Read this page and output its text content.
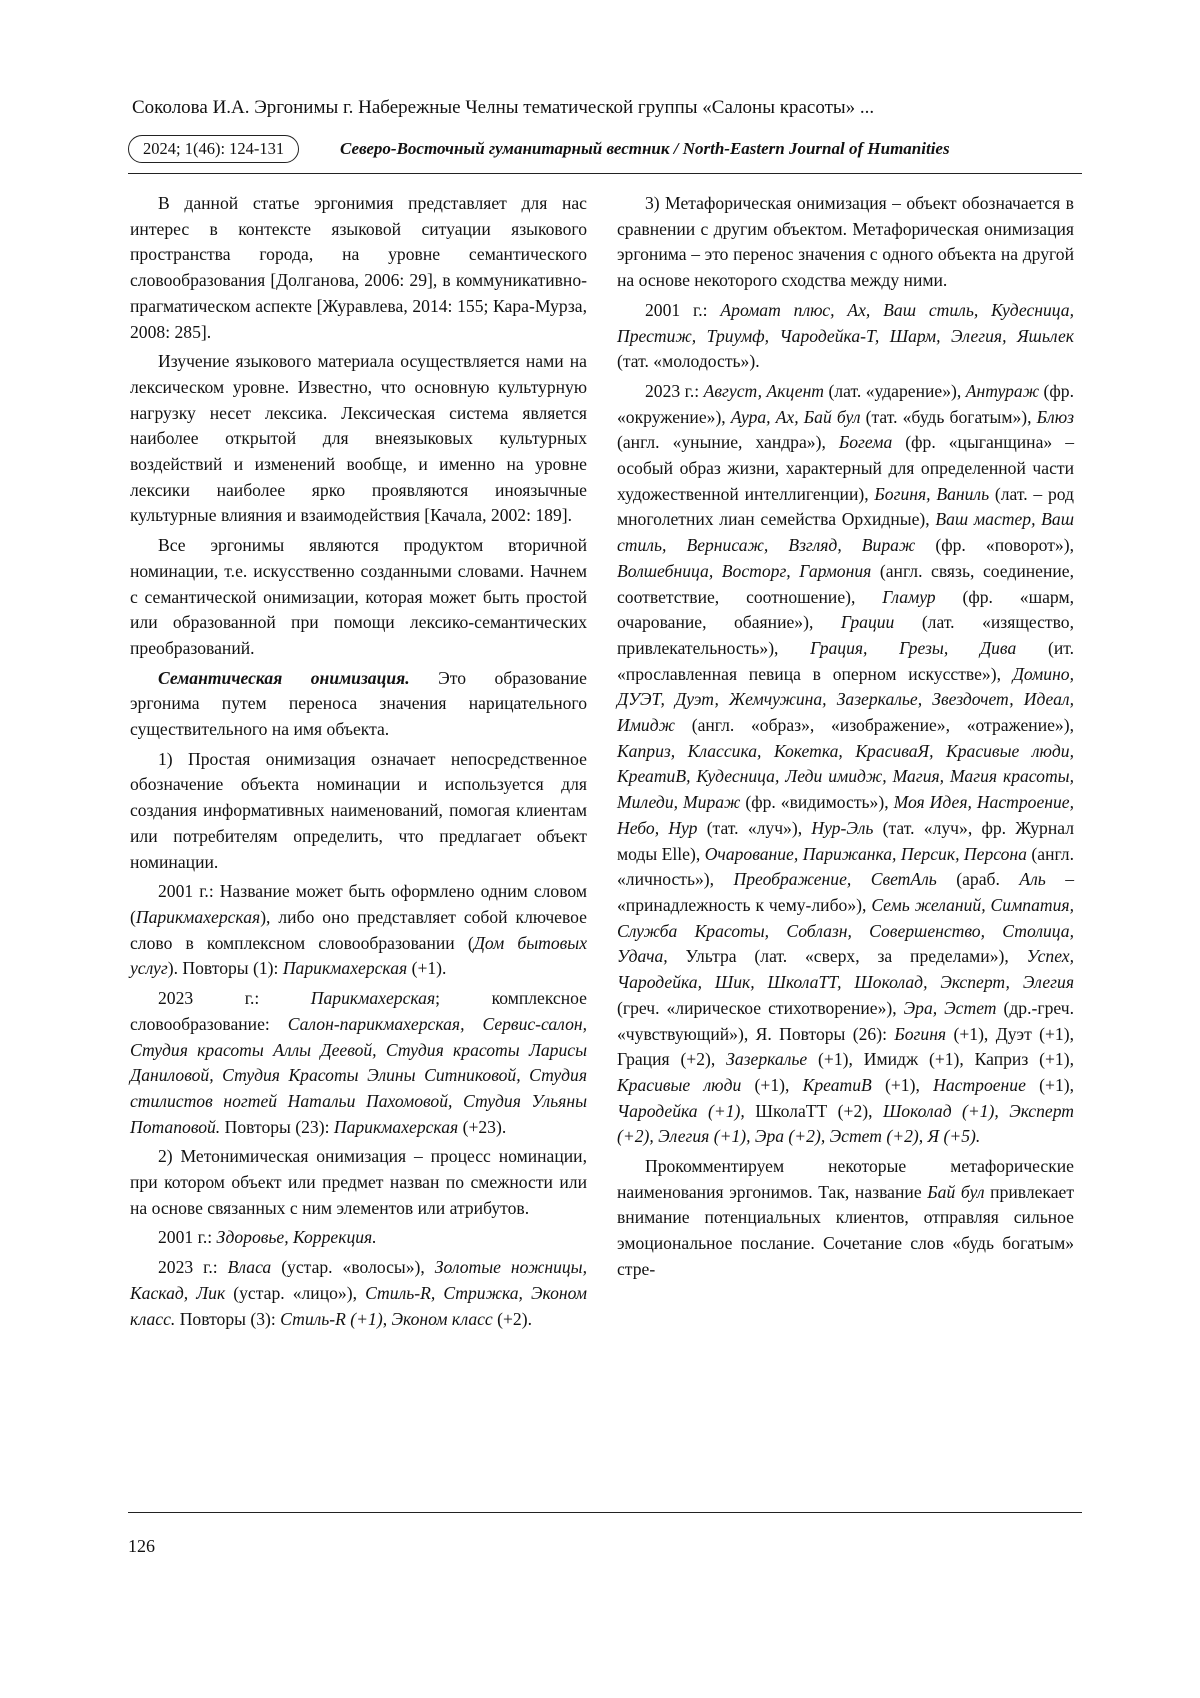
Соколова И.А. Эргонимы г. Набережные Челны тематической группы «Салоны красоты» ...
2024; 1(46): 124-131	Северо-Восточный гуманитарный вестник / North-Eastern Journal of Humanities

В данной статье эргонимия представляет для нас интерес в контексте языковой ситуации языкового пространства города, на уровне семантического словообразования [Долганова, 2006: 29], в коммуникативно-прагматическом аспекте [Журавлева, 2014: 155; Кара-Мурза, 2008: 285].

Изучение языкового материала осуществляется нами на лексическом уровне. Известно, что основную культурную нагрузку несет лексика. Лексическая система является наиболее открытой для внеязыковых культурных воздействий и изменений вообще, и именно на уровне лексики наиболее ярко проявляются иноязычные культурные влияния и взаимодействия [Качала, 2002: 189].

Все эргонимы являются продуктом вторичной номинации, т.е. искусственно созданными словами. Начнем с семантической онимизации, которая может быть простой или образованной при помощи лексико-семантических преобразований.

Семантическая онимизация. Это образование эргонима путем переноса значения нарицательного существительного на имя объекта.

1) Простая онимизация означает непосредственное обозначение объекта номинации и используется для создания информативных наименований, помогая клиентам или потребителям определить, что предлагает объект номинации.

2001 г.: Название может быть оформлено одним словом (Парикмахерская), либо оно представляет собой ключевое слово в комплексном словообразовании (Дом бытовых услуг). Повторы (1): Парикмахерская (+1).

2023 г.: Парикмахерская; комплексное словообразование: Салон-парикмахерская, Сервис-салон, Студия красоты Аллы Деевой, Студия красоты Ларисы Даниловой, Студия Красоты Элины Ситниковой, Студия стилистов ногтей Натальи Пахомовой, Студия Ульяны Потаповой. Повторы (23): Парикмахерская (+23).

2) Метонимическая онимизация – процесс номинации, при котором объект или предмет назван по смежности или на основе связанных с ним элементов или атрибутов.

2001 г.: Здоровье, Коррекция.

2023 г.: Власа (устар. «волосы»), Золотые ножницы, Каскад, Лик (устар. «лицо»), Стиль-R, Стрижка, Эконом класс. Повторы (3): Стиль-R (+1), Эконом класс (+2).

3) Метафорическая онимизация – объект обозначается в сравнении с другим объектом. Метафорическая онимизация эргонима – это перенос значения с одного объекта на другой на основе некоторого сходства между ними.

2001 г.: Аромат плюс, Ах, Ваш стиль, Кудесница, Престиж, Триумф, Чародейка-Т, Шарм, Элегия, Яшьлек (тат. «молодость»).

2023 г.: Август, Акцент (лат. «ударение»), Антураж (фр. «окружение»), Аура, Ах, Бай бул (тат. «будь богатым»), Блюз (англ. «уныние, хандра»), Богема (фр. «цыганщина» – особый образ жизни, характерный для определенной части художественной интеллигенции), Богиня, Ваниль (лат. – род многолетних лиан семейства Орхидные), Ваш мастер, Ваш стиль, Вернисаж, Взгляд, Вираж (фр. «поворот»), Волшебница, Восторг, Гармония (англ. связь, соединение, соответствие, соотношение), Гламур (фр. «шарм, очарование, обаяние»), Грации (лат. «изящество, привлекательность»), Грация, Грезы, Дива (ит. «прославленная певица в оперном искусстве»), Домино, ДУЭТ, Дуэт, Жемчужина, Зазеркалье, Звездочет, Идеал, Имидж (англ. «образ», «изображение», «отражение»), Каприз, Классика, Кокетка, КрасиваЯ, Красивые люди, КреатиВ, Кудесница, Леди имидж, Магия, Магия красоты, Миледи, Мираж (фр. «видимость»), Моя Идея, Настроение, Небо, Нур (тат. «луч»), Нур-Эль (тат. «луч», фр. Журнал моды Elle), Очарование, Парижанка, Персик, Персона (англ. «личность»), Преображение, СветАль (араб. Аль – «принадлежность к чему-либо»), Семь желаний, Симпатия, Служба Красоты, Соблазн, Совершенство, Столица, Удача, Ультра (лат. «сверх, за пределами»), Успех, Чародейка, Шик, ШколаТТ, Шоколад, Эксперт, Элегия (греч. «лирическое стихотворение»), Эра, Эстет (др.-греч. «чувствующий»), Я. Повторы (26): Богиня (+1), Дуэт (+1), Грация (+2), Зазеркалье (+1), Имидж (+1), Каприз (+1), Красивые люди (+1), КреатиВ (+1), Настроение (+1), Чародейка (+1), ШколаТТ (+2), Шоколад (+1), Эксперт (+2), Элегия (+1), Эра (+2), Эстет (+2), Я (+5).

Прокомментируем некоторые метафорические наименования эргонимов. Так, название Бай бул привлекает внимание потенциальных клиентов, отправляя сильное эмоциональное послание. Сочетание слов «будь богатым» стре-

126
